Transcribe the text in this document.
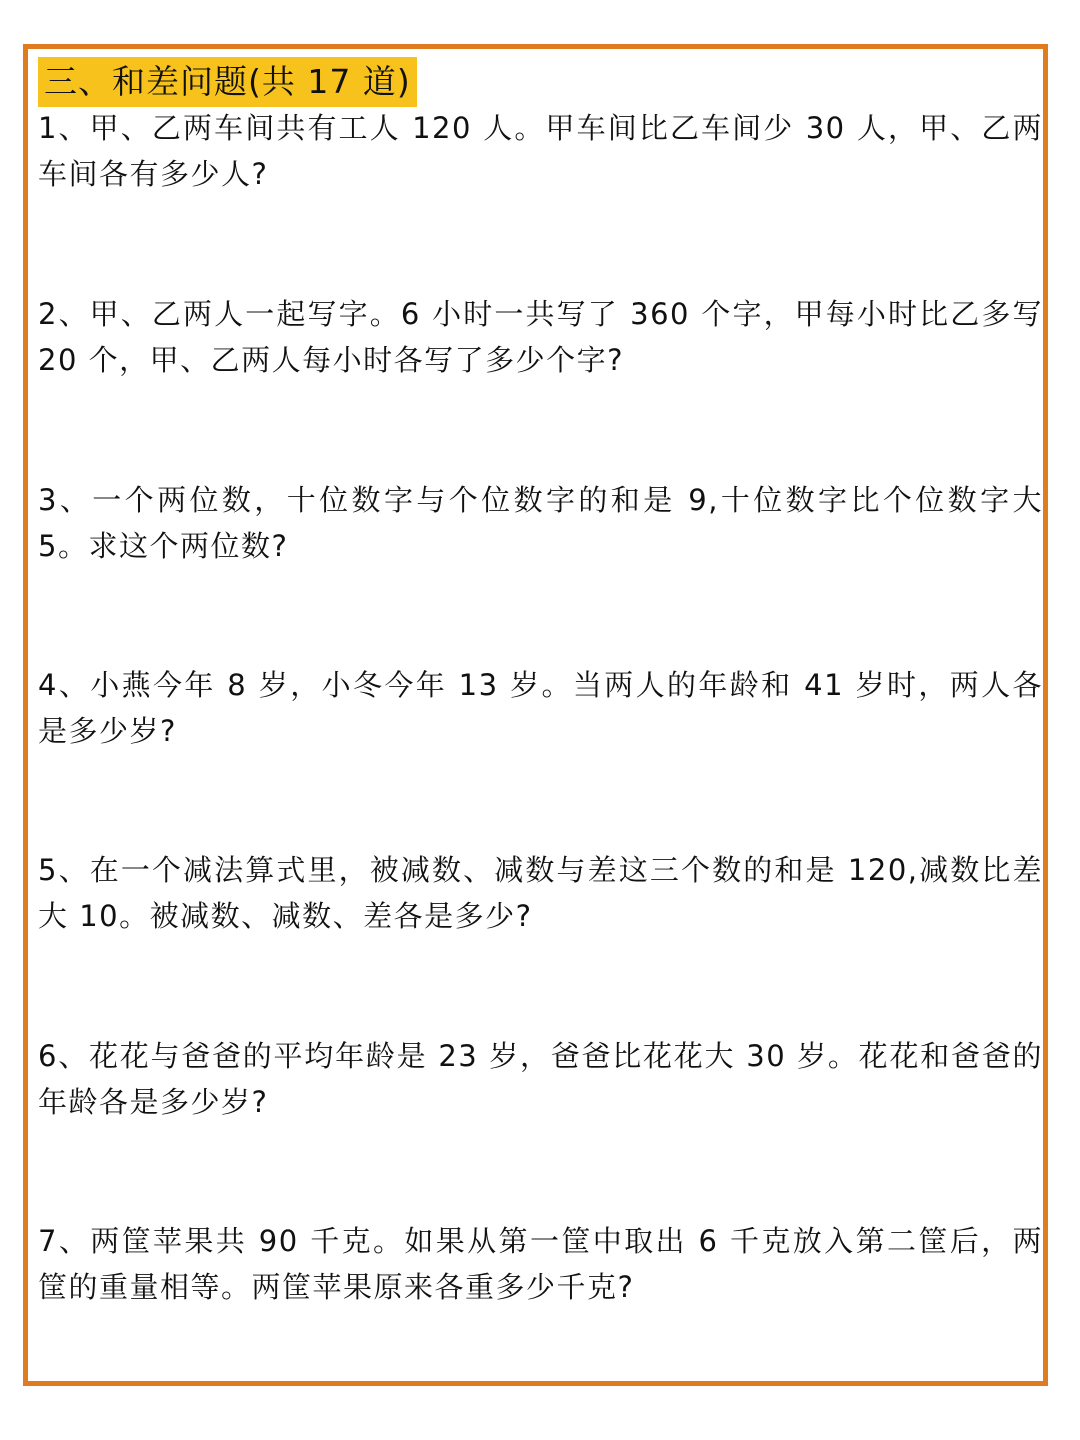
三、和差问题(共 17 道)

1、甲、乙两车间共有工人 120 人。甲车间比乙车间少 30 人，甲、乙两车间各有多少人?

2、甲、乙两人一起写字。6 小时一共写了 360 个字，甲每小时比乙多写 20 个，甲、乙两人每小时各写了多少个字?

3、一个两位数，十位数字与个位数字的和是 9,十位数字比个位数字大 5。求这个两位数?

4、小燕今年 8 岁，小冬今年 13 岁。当两人的年龄和 41 岁时，两人各是多少岁?

5、在一个减法算式里，被减数、减数与差这三个数的和是 120,减数比差大 10。被减数、减数、差各是多少?

6、花花与爸爸的平均年龄是 23 岁，爸爸比花花大 30 岁。花花和爸爸的年龄各是多少岁?

7、两筐苹果共 90 千克。如果从第一筐中取出 6 千克放入第二筐后，两筐的重量相等。两筐苹果原来各重多少千克?
